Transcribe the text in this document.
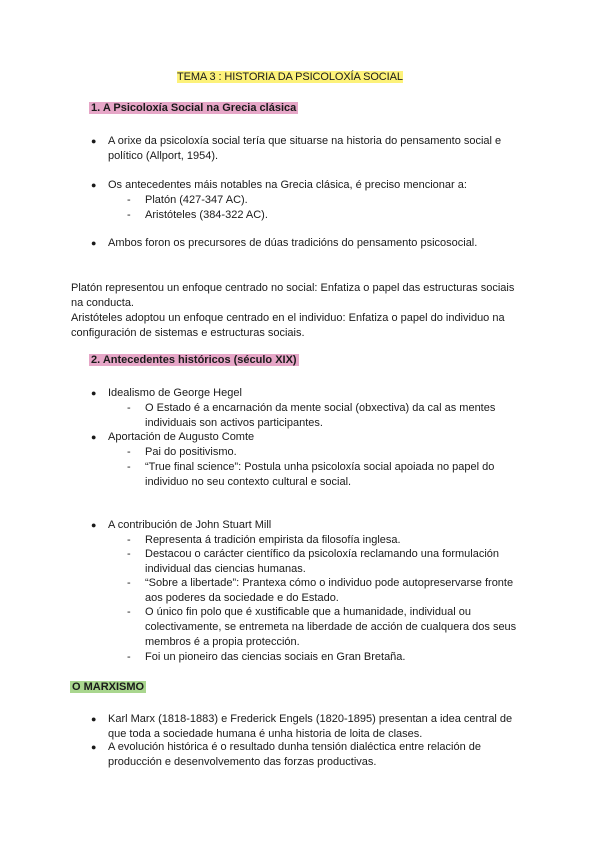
TEMA 3 : HISTORIA DA PSICOLOXÍA SOCIAL
1. A Psicoloxía Social na Grecia clásica
●	A orixe da psicoloxía social tería que situarse na historia do pensamento social e político (Allport, 1954).
●	Os antecedentes máis notables na Grecia clásica, é preciso mencionar a:
-	Platón (427-347 AC).
-	Aristóteles (384-322 AC).
●	Ambos foron os precursores de dúas tradicións do pensamento psicosocial.
Platón representou un enfoque centrado no social: Enfatiza o papel das estructuras sociais na conducta.
Aristóteles adoptou un enfoque centrado en el individuo: Enfatiza o papel do individuo na configuración de sistemas e estructuras sociais.
2. Antecedentes históricos (século XIX)
●	Idealismo de George Hegel
-	O Estado é a encarnación da mente social (obxectiva) da cal as mentes individuais son activos participantes.
●	Aportación de Augusto Comte
-	Pai do positivismo.
-	“True final science”: Postula unha psicoloxía social apoiada no papel do individuo no seu contexto cultural e social.
●	A contribución de John Stuart Mill
-	Representa á tradición empirista da filosofía inglesa.
-	Destacou o carácter científico da psicoloxía reclamando una formulación individual das ciencias humanas.
-	“Sobre a libertade”: Prantexa cómo o individuo pode autopreservarse fronte aos poderes da sociedade e do Estado.
-	O único fin polo que é xustificable que a humanidade, individual ou colectivamente, se entremeta na liberdade de acción de cualquera dos seus membros é a propia protección.
-	Foi un pioneiro das ciencias sociais en Gran Bretaña.
O MARXISMO
●	Karl Marx (1818-1883) e Frederick Engels (1820-1895) presentan a idea central de que toda a sociedade humana é unha historia de loita de clases.
●	A evolución histórica é o resultado dunha tensión dialéctica entre relación de producción e desenvolvemento das forzas productivas.
